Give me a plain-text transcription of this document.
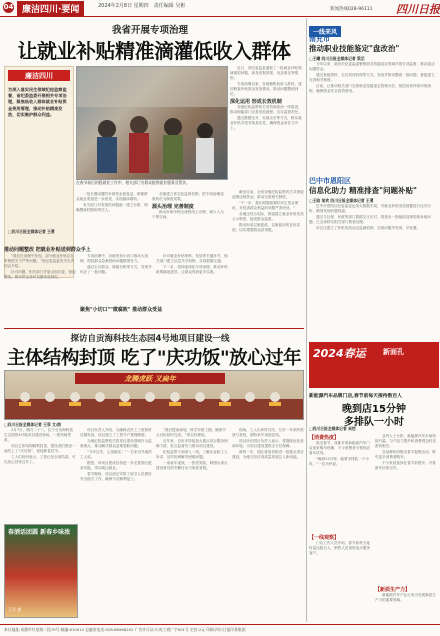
04 廉洁四川·要闻	2024年2月8日 星期四　 责任编辑 吴彬
新闻热线028-96111 四川日报
我省开展专项治理
让就业补贴精准滴灌低收入群体
廉洁四川
为深入落实民生领域纪检监察监督，省纪委监委开展相关专项治理，聚焦低收入群体就业补贴资金使用管理，推动补贴精准发放，切实维护群众利益。
在春节前后的稳就业工作中，相关部门为群众提供就业服务及帮扶。

近日，省纪委监委通报了一批就业补贴领域典型问题，涉及虚报冒领、优亲厚友等情形。

专项治理以来，各地聚焦低收入群体，逐项核查补贴资金发放情况，推动问题整改到位。

深化运用 形成长效机制

各级纪检监察机关坚持查改治一体推进，推动职能部门完善发放流程，压实监管责任。

通过数据比对、实地走访等方式，核实就业补贴享受对象真实性，确保资金用在刀刃上。

一批长期闲置的补贴资金被盘活，困难群众就业渠道进一步拓宽，实现稳岗增收。

有关部门对发现的问题逐一建立台账，明确整改时限和责任人。

各地建立常态化监督机制，把专项治理成果转化为制度成果。

源头治理 完善制度

推动补贴申领全流程线上办理，减少人为干预空间。

□四川日报全媒体记者 王勇
推动问题整改 把就业补贴送到群众手上

“我们在治理中发现，部分就业补贴存在审核把关不严等问题。”省纪委监委有关负责同志介绍。

针对问题，相关部门开展全面自查，督促整改，推动资金及时足额发放到位。

聚焦"小切口""微腐败" 推动群众受益

专项治理中，各地坚持小切口推动大治理，围绕群众急难愁盼问题精准发力。

通过走访群众、调阅台账等方式，发现并纠正了一批问题。

针对就业补贴审核、发放等关键环节，相关部门建立信息共享机制，实现数据互通。

下一步，将持续深化专项治理，推动补贴政策落地见效，让群众得到更多实惠。

截至目前，全省各级纪检监察机关共督促追缴违规资金，推动完善相关制度。

“下一步，我们将继续紧盯民生资金使用，对侵害群众利益的问题严查快处。”

各地还结合实际，探索建立就业补贴发放公示制度，接受群众监督。

推动形成以案促改、以案促治的良好局面，切实增强群众获得感。

探访自贡海科技生态园4号地项目建设一线
主体结构封顶 吃了"庆功饭"放心过年
龙腾虎跃 又扁年
□四川日报全媒体记者 王菲 文/图

2月7日，腊月二十八，位于自贡海科技生态园的4号地项目建设现场，一派热闹景象。

项目主体结构顺利封顶，建设者们围坐一起吃上了“庆功饭”，迎接新春佳节。

工人们纷纷表示，工资已经全部结清，可以放心回家过年了。

项目负责人介绍，为确保农民工工资按时足额发放，项目建立了工资专户管理制度。

当地纪检监察机关将项目建设领域作为监督重点，推动解决群众急难愁盼问题。

“今年过年，心里踏实！”一名来自外地的工人说。

据悉，该项目建成后将进一步完善园区配套功能，带动周边就业。

春节期间，项目部还安排了留守人员做好安全值守工作，确保节后顺利复工。

“我们提前谋划，科学安排工期，确保节点目标按时完成。”项目经理说。

近年来，自贡市持续加大重点项目服务保障力度，驻点监督有力推动项目建设。

纪检监察干部深入一线，了解企业和工人诉求，及时协调解决困难问题。

一桌桌年夜饭，一张张笑脸，映照出项目建设者们的辛勤付出与收获喜悦。

现场，工人们举杯共庆，分享一年来的收获与喜悦，期待来年再创佳绩。

项目所在园区负责人表示，将继续优化营商环境，为项目建设提供全方位保障。

新的一年，园区将加快推进一批重点项目建设，为地方经济高质量发展注入新动能。

春酒话团圆 新春乡味浓
王菲 摄
一线来风
南充市
推动职业技能鉴定"盘改治"
□王曦 四川日报全媒体记者 梁芯

今年以来，南充市纪委监委聚焦职业技能鉴定领域开展专项监督，推动盘活闲置资金。

通过查阅资料、走访培训机构等方式，发现并推动整改一批问题，督促建立完善相关制度。

目前，已推动相关部门完善职业技能鉴定管理办法，规范培训补贴申领流程，确保资金安全高效使用。

巴中市恩阳区
信息化助力 精准排查"问题补贴"
□王晗 邹欢 四川日报全媒体记者 王勇

巴中市恩阳区纪委监委运用大数据手段，对就业补贴发放数据进行比对分析，精准发现问题线索。

通过与社保、民政等部门数据交叉比对，排查出一批疑似违规领取补贴问题，已全部移交相关部门核查处理。

该区还建立了补贴发放动态监测机制，实现问题早发现、早处置。

2024春运 新面孔
新能源汽车品牌门店,春节前每天接待数百人
晚到店15分钟
多排队一小时
□四川日报全媒体记者 吴恺
【消费热度】

临近春节，成都多家新能源汽车门店迎来购车热潮，不少消费者专程到店看车试驾。

“晚到15分钟，就要多排队一个小时。”一位市民说。

【一线观察】

门店工作人员介绍，春节前每天接待量达数百人，销售人员加班加点服务客户。

业内人士分析，新能源汽车市场持续升温，与产品力提升和消费观念转变密切相关。

各品牌纷纷推出春节促销活动，吸引更多消费者购车。

不少家庭选择在春节前提车，开着新车回家过年。

【新质生产力】

新能源汽车产业正成为发展新质生产力的重要领域。

本社地址:成都市红星路二段70号 邮编:610012 总编室电话:028-86968202 广告许可证:川成工商广字001号 定价:2元 印刷:四川日报印务集团
